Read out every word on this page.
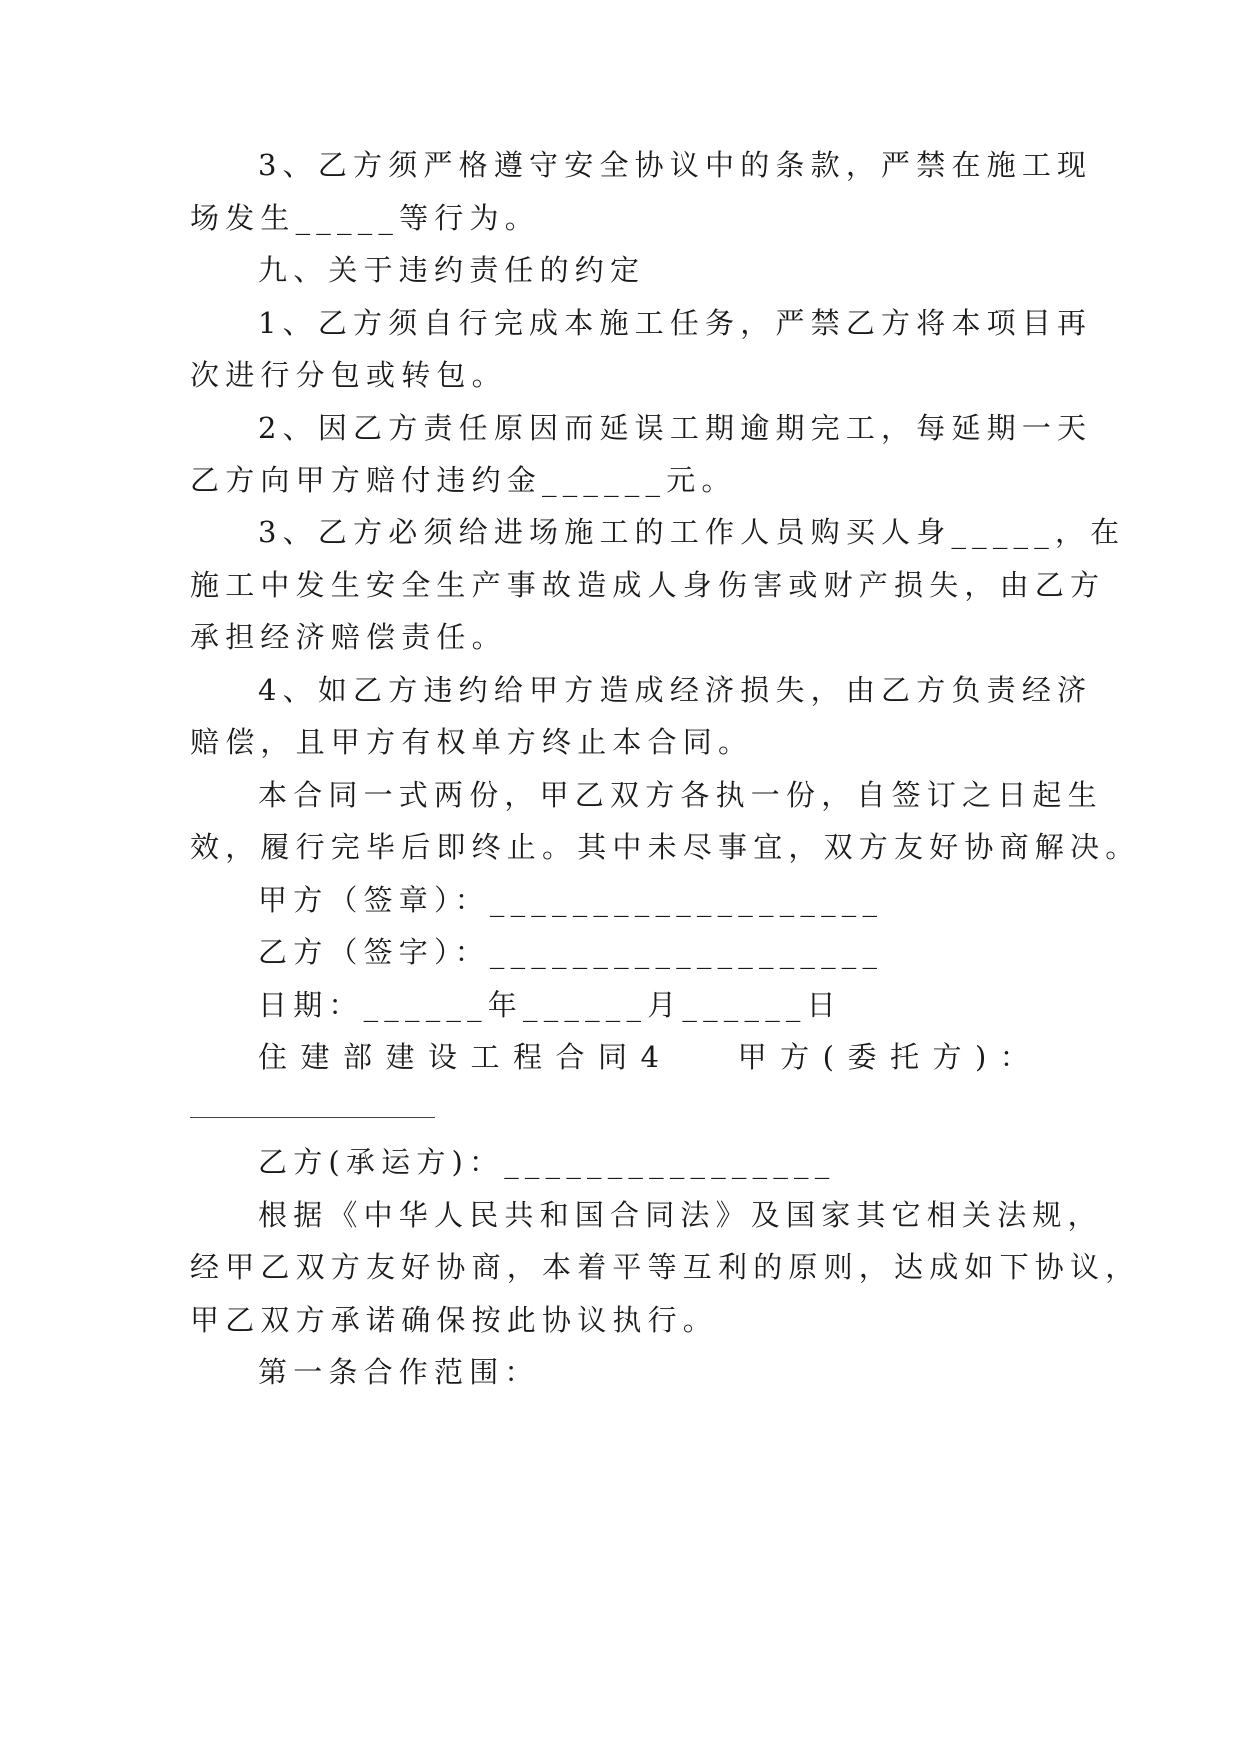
3、乙方须严格遵守安全协议中的条款，严禁在施工现
场发生_____等行为。
九、关于违约责任的约定
1、乙方须自行完成本施工任务，严禁乙方将本项目再
次进行分包或转包。
2、因乙方责任原因而延误工期逾期完工，每延期一天
乙方向甲方赔付违约金______元。
3、乙方必须给进场施工的工作人员购买人身_____，在
施工中发生安全生产事故造成人身伤害或财产损失，由乙方
承担经济赔偿责任。
4、如乙方违约给甲方造成经济损失，由乙方负责经济
赔偿，且甲方有权单方终止本合同。
本合同一式两份，甲乙双方各执一份，自签订之日起生
效，履行完毕后即终止。其中未尽事宜，双方友好协商解决。
甲方（签章）：___________________
乙方（签字）：___________________
日期：______年______月______日
住建部建设工程合同4　 甲方(委托方)：
乙方(承运方)：________________
根据《中华人民共和国合同法》及国家其它相关法规，
经甲乙双方友好协商，本着平等互利的原则，达成如下协议，
甲乙双方承诺确保按此协议执行。
第一条合作范围：
